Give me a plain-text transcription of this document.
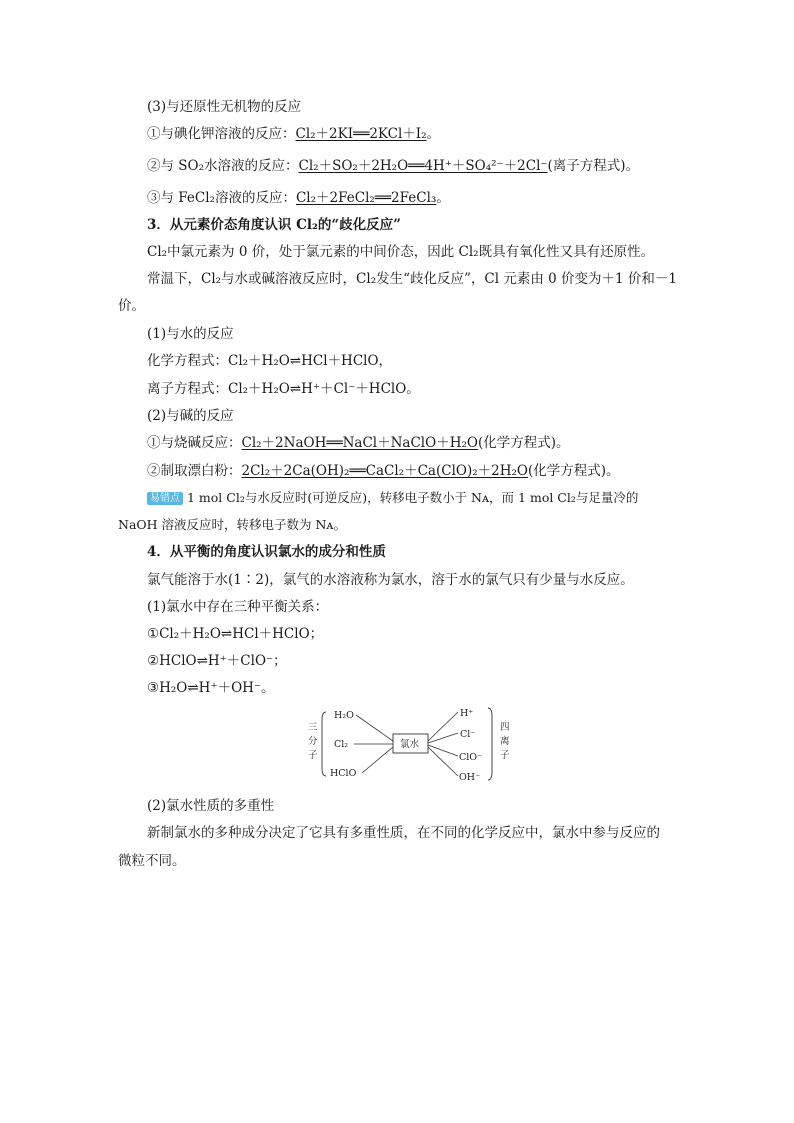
(3)与还原性无机物的反应
①与碘化钾溶液的反应：Cl₂＋2KI══2KCl＋I₂。
②与 SO₂水溶液的反应：Cl₂＋SO₂＋2H₂O══4H⁺＋SO₄²⁻＋2Cl⁻(离子方程式)。
③与 FeCl₂溶液的反应：Cl₂＋2FeCl₂══2FeCl₃。
3．从元素价态角度认识 Cl₂的“歧化反应”
Cl₂中氯元素为 0 价，处于氯元素的中间价态，因此 Cl₂既具有氧化性又具有还原性。
常温下，Cl₂与水或碱溶液反应时，Cl₂发生“歧化反应”，Cl 元素由 0 价变为＋1 价和－1
价。
(1)与水的反应
化学方程式：Cl₂＋H₂O⇌HCl＋HClO，
离子方程式：Cl₂＋H₂O⇌H⁺＋Cl⁻＋HClO。
(2)与碱的反应
①与烧碱反应：Cl₂＋2NaOH══NaCl＋NaClO＋H₂O(化学方程式)。
②制取漂白粉：2Cl₂＋2Ca(OH)₂══CaCl₂＋Ca(ClO)₂＋2H₂O(化学方程式)。
易错点 1 mol Cl₂与水反应时(可逆反应)，转移电子数小于 Nᴀ，而 1 mol Cl₂与足量冷的
NaOH 溶液反应时，转移电子数为 Nᴀ。
4．从平衡的角度认识氯水的成分和性质
氯气能溶于水(1∶2)，氯气的水溶液称为氯水，溶于水的氯气只有少量与水反应。
(1)氯水中存在三种平衡关系：
①Cl₂＋H₂O⇌HCl＋HClO；
②HClO⇌H⁺＋ClO⁻；
③H₂O⇌H⁺＋OH⁻。
三
分
子
H₂O
Cl₂
HClO
氯水
H⁺
Cl⁻
ClO⁻
OH⁻
四
离
子
(2)氯水性质的多重性
新制氯水的多种成分决定了它具有多重性质，在不同的化学反应中，氯水中参与反应的
微粒不同。
